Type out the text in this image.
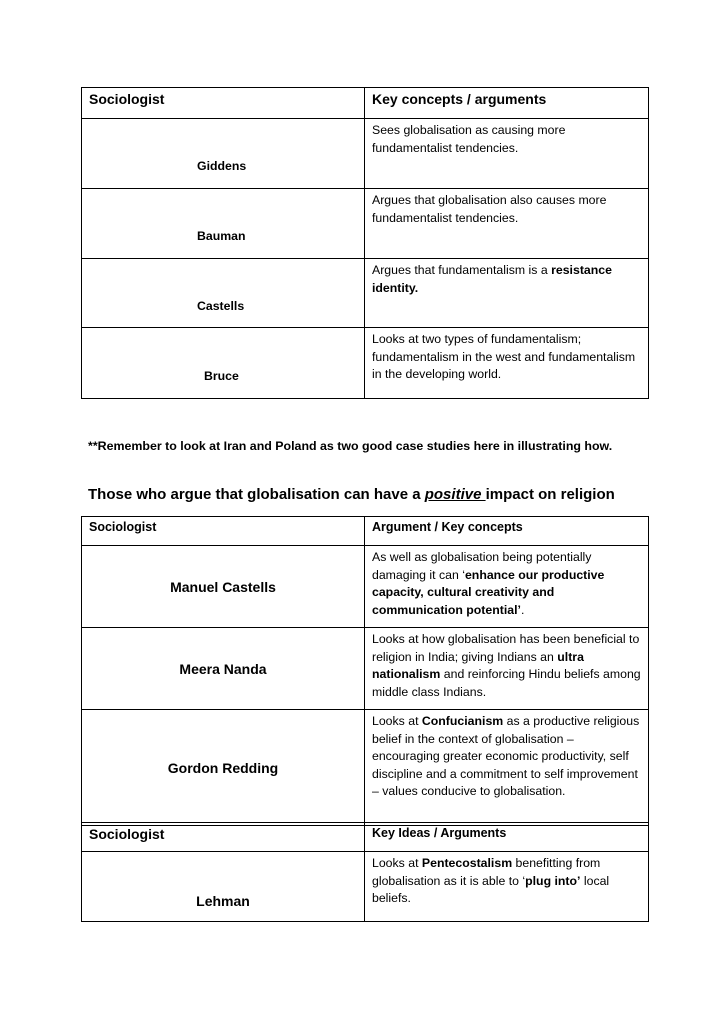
Sociologist	Key concepts / arguments

Giddens	Sees globalisation as causing more fundamentalist tendencies.

Bauman	Argues that globalisation also causes more fundamentalist tendencies.

Castells	Argues that fundamentalism is a resistance identity.

Bruce	Looks at two types of fundamentalism; fundamentalism in the west and fundamentalism in the developing world.
**Remember to look at Iran and Poland as two good case studies here in illustrating how.
Those who argue that globalisation can have a positive impact on religion
Sociologist	Argument / Key concepts
Manuel Castells	As well as globalisation being potentially damaging it can ‘enhance our productive capacity, cultural creativity and communication potential’.
Meera Nanda	Looks at how globalisation has been beneficial to religion in India; giving Indians an ultra nationalism and reinforcing Hindu beliefs among middle class Indians.
Gordon Redding	Looks at Confucianism as a productive religious belief in the context of globalisation – encouraging greater economic productivity, self discipline and a commitment to self improvement – values conducive to globalisation.
Sociologist	Key Ideas / Arguments
Lehman	Looks at Pentecostalism benefitting from globalisation as it is able to ‘plug into’ local beliefs.
